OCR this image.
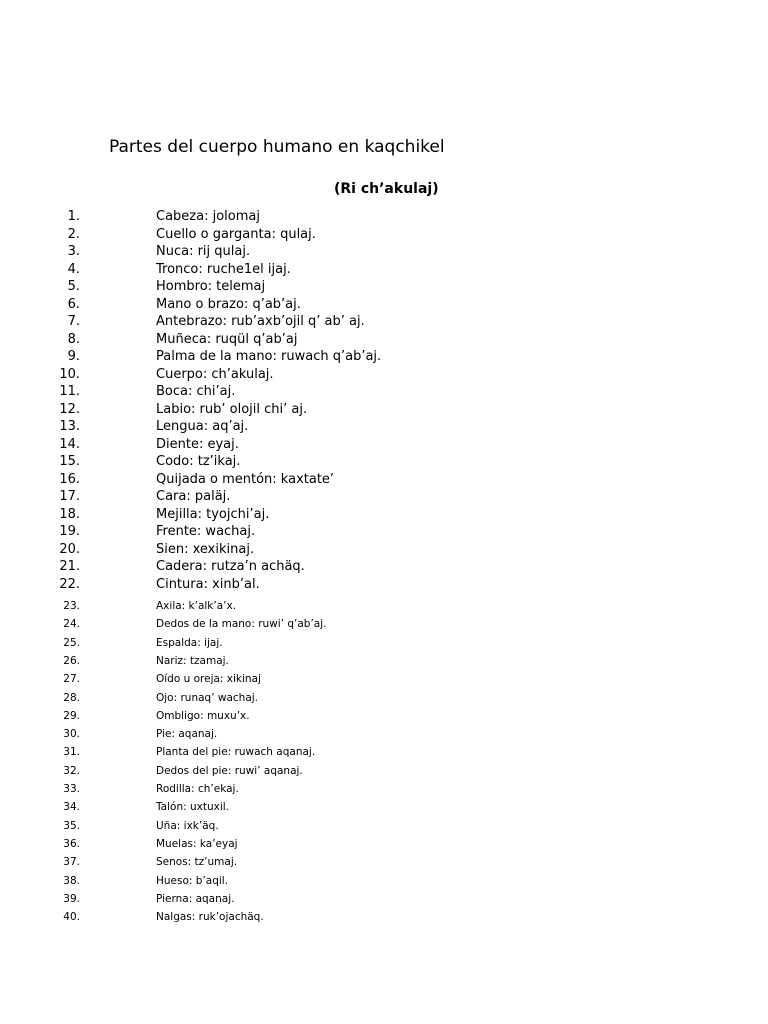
Partes del cuerpo humano en kaqchikel
(Ri ch’akulaj)
1.	Cabeza: jolomaj
2.	Cuello o garganta: qulaj.
3.	Nuca: rij qulaj.
4.	Tronco: ruche1el ijaj.
5.	Hombro: telemaj
6.	Mano o brazo: q’ab’aj.
7.	Antebrazo: rub’axb’ojil q’ ab’ aj.
8.	Muñeca: ruqül q’ab’aj
9.	Palma de la mano: ruwach q’ab’aj.
10.	Cuerpo: ch’akulaj.
11.	Boca: chi’aj.
12.	Labio: rub’ olojil chi’ aj.
13.	Lengua: aq’aj.
14.	Diente: eyaj.
15.	Codo: tz’ikaj.
16.	Quijada o mentón: kaxtate’
17.	Cara: paläj.
18.	Mejilla: tyojchi’aj.
19.	Frente: wachaj.
20.	Sien: xexikinaj.
21.	Cadera: rutza’n achäq.
22.	Cintura: xinb’al.
23.	Axila: k’alk’a’x.
24.	Dedos de la mano: ruwi’ q’ab’aj.
25.	Espalda: ijaj.
26.	Nariz: tzamaj.
27.	Oído u oreja: xikinaj
28.	Ojo: runaq’ wachaj.
29.	Ombligo: muxu’x.
30.	Pie: aqanaj.
31.	Planta del pie: ruwach aqanaj.
32.	Dedos del pie: ruwi’ aqanaj.
33.	Rodilla: ch’ekaj.
34.	Talón: uxtuxil.
35.	Uña: ixk’äq.
36.	Muelas: ka’eyaj
37.	Senos: tz’umaj.
38.	Hueso: b’aqil.
39.	Pierna: aqanaj.
40.	Nalgas: ruk’ojachäq.
